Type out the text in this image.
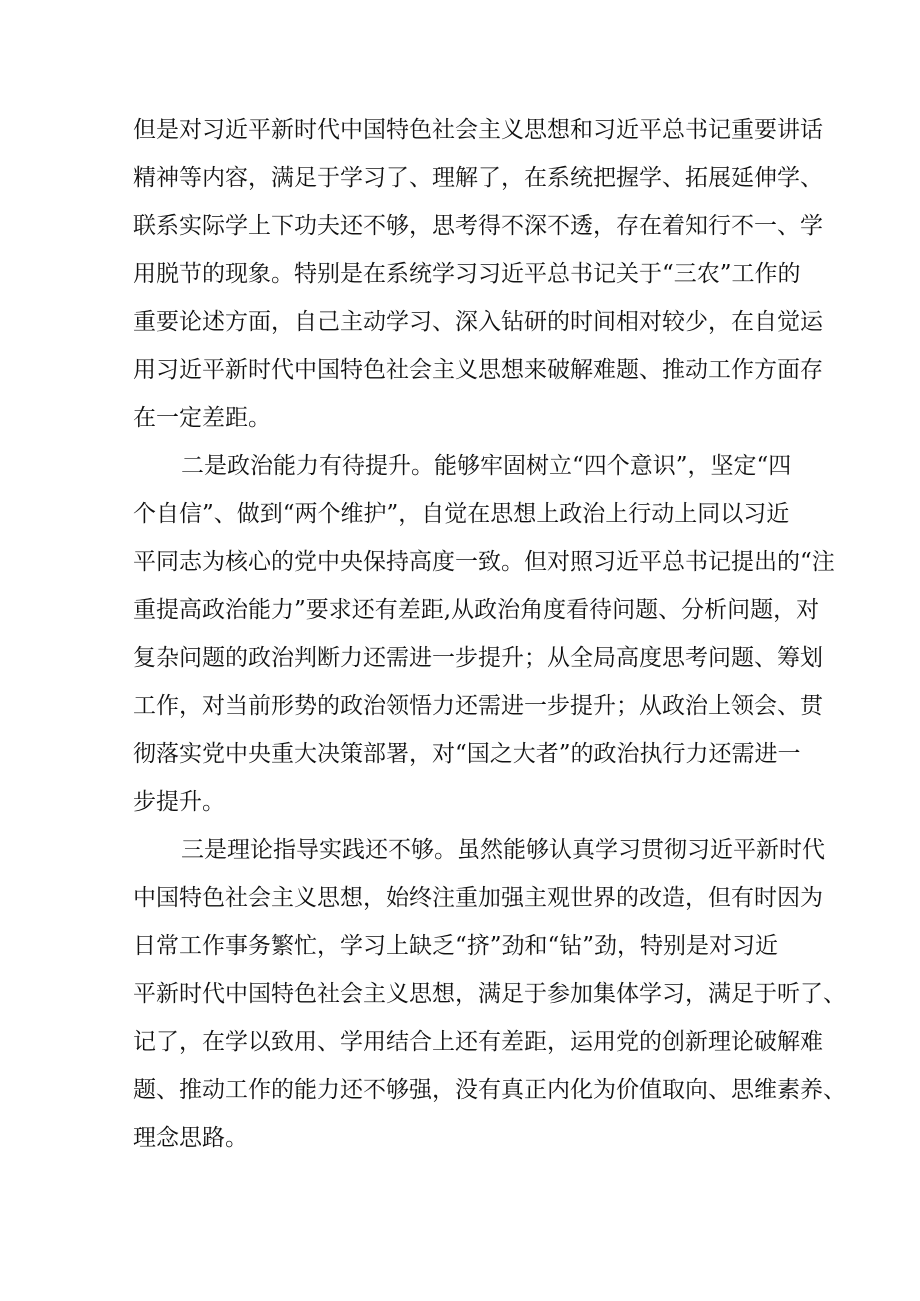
但是对习近平新时代中国特色社会主义思想和习近平总书记重要讲话

精神等内容，满足于学习了、理解了，在系统把握学、拓展延伸学、

联系实际学上下功夫还不够，思考得不深不透，存在着知行不一、学

用脱节的现象。特别是在系统学习习近平总书记关于“三农”工作的

重要论述方面，自己主动学习、深入钻研的时间相对较少，在自觉运

用习近平新时代中国特色社会主义思想来破解难题、推动工作方面存

在一定差距。

二是政治能力有待提升。能够牢固树立“四个意识”，坚定“四

个自信”、做到“两个维护”，自觉在思想上政治上行动上同以习近

平同志为核心的党中央保持高度一致。但对照习近平总书记提出的“注

重提高政治能力”要求还有差距,从政治角度看待问题、分析问题，对

复杂问题的政治判断力还需进一步提升；从全局高度思考问题、筹划

工作，对当前形势的政治领悟力还需进一步提升；从政治上领会、贯

彻落实党中央重大决策部署，对“国之大者”的政治执行力还需进一

步提升。

三是理论指导实践还不够。虽然能够认真学习贯彻习近平新时代

中国特色社会主义思想，始终注重加强主观世界的改造，但有时因为

日常工作事务繁忙，学习上缺乏“挤”劲和“钻”劲，特别是对习近

平新时代中国特色社会主义思想，满足于参加集体学习，满足于听了、

记了，在学以致用、学用结合上还有差距，运用党的创新理论破解难

题、推动工作的能力还不够强，没有真正内化为价值取向、思维素养、

理念思路。
